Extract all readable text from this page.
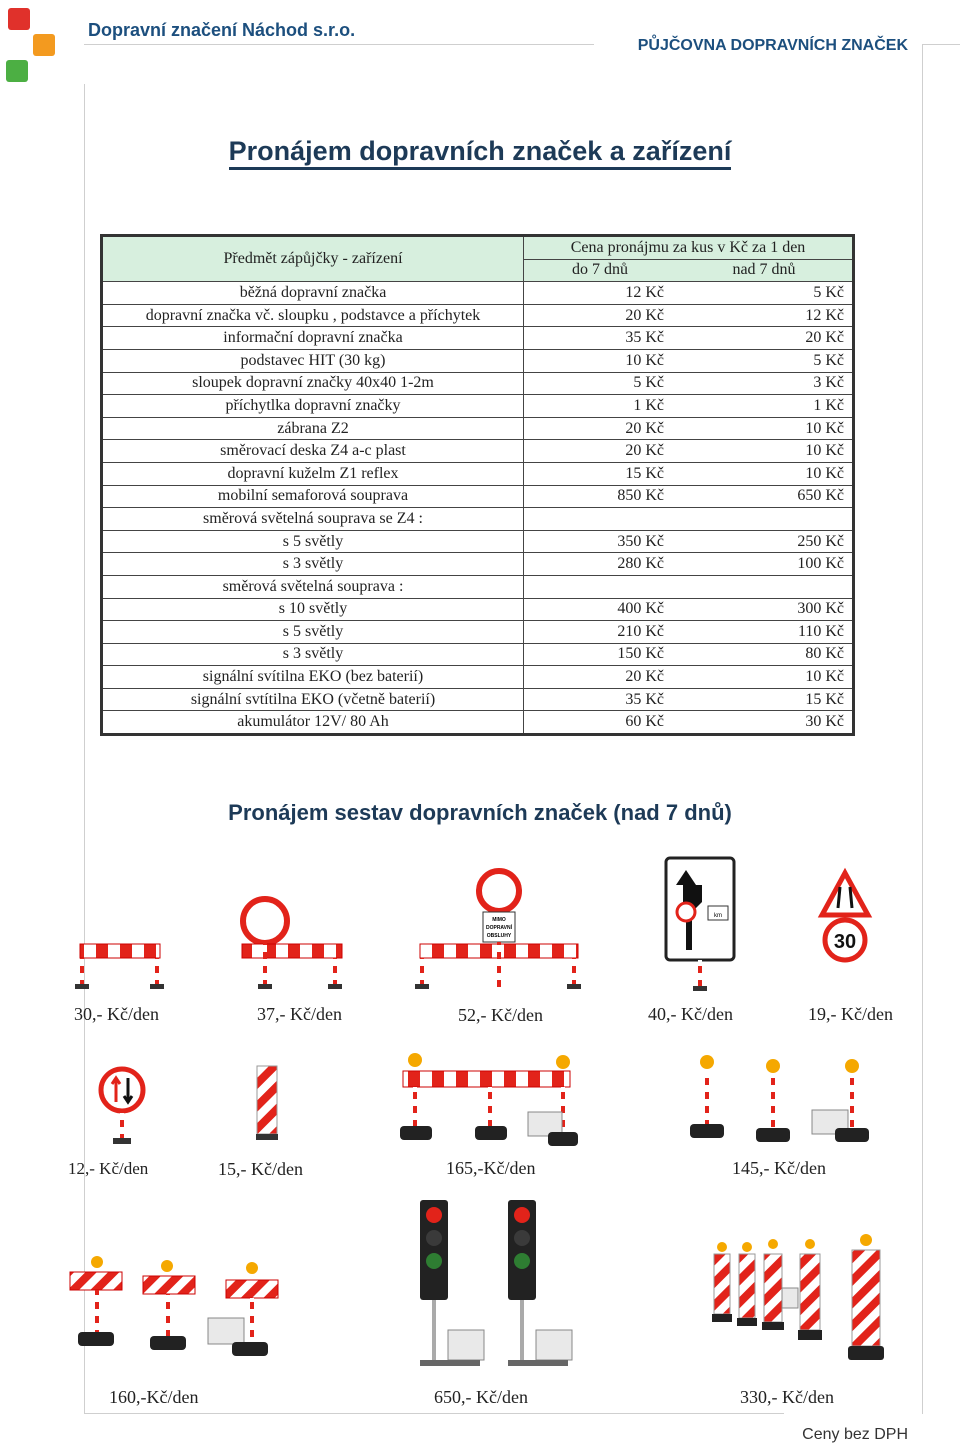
Dopravní značení Náchod s.r.o.
PŮJČOVNA DOPRAVNÍCH ZNAČEK
Pronájem dopravních značek a zařízení
Předmět zápůjčky - zařízení	Cena pronájmu za kus v Kč za 1 den	
	do 7 dnů	nad 7 dnů
běžná dopravní značka	12 Kč	5 Kč
dopravní značka vč. sloupku , podstavce a příchytek	20 Kč	12 Kč
informační dopravní značka	35 Kč	20 Kč
podstavec HIT (30 kg)	10 Kč	5 Kč
sloupek dopravní značky 40x40 1-2m	5 Kč	3 Kč
příchytlka dopravní značky	1 Kč	1 Kč
zábrana Z2	20 Kč	10 Kč
směrovací deska Z4 a-c plast	20 Kč	10 Kč
dopravní kuželm Z1 reflex	15 Kč	10 Kč
mobilní semaforová souprava	850 Kč	650 Kč
směrová světelná souprava se Z4 :		
s 5 světly	350 Kč	250 Kč
s 3 světly	280 Kč	100 Kč
směrová světelná souprava :		
s 10 světly	400 Kč	300 Kč
s 5 světly	210 Kč	110 Kč
s 3 světly	150 Kč	80 Kč
signální svítilna EKO (bez baterií)	20 Kč	10 Kč
signální svtítilna EKO (včetně baterií)	35 Kč	15 Kč
akumulátor 12V/ 80 Ah	60 Kč	30 Kč
Pronájem sestav dopravních značek (nad 7 dnů)
MIMO
DOPRAVNÍ
OBSLUHY
km
30
30,- Kč/den	37,- Kč/den	52,- Kč/den	40,- Kč/den	19,- Kč/den
12,- Kč/den	15,- Kč/den	165,-Kč/den	145,- Kč/den
160,-Kč/den	650,- Kč/den	330,- Kč/den
Ceny bez DPH
